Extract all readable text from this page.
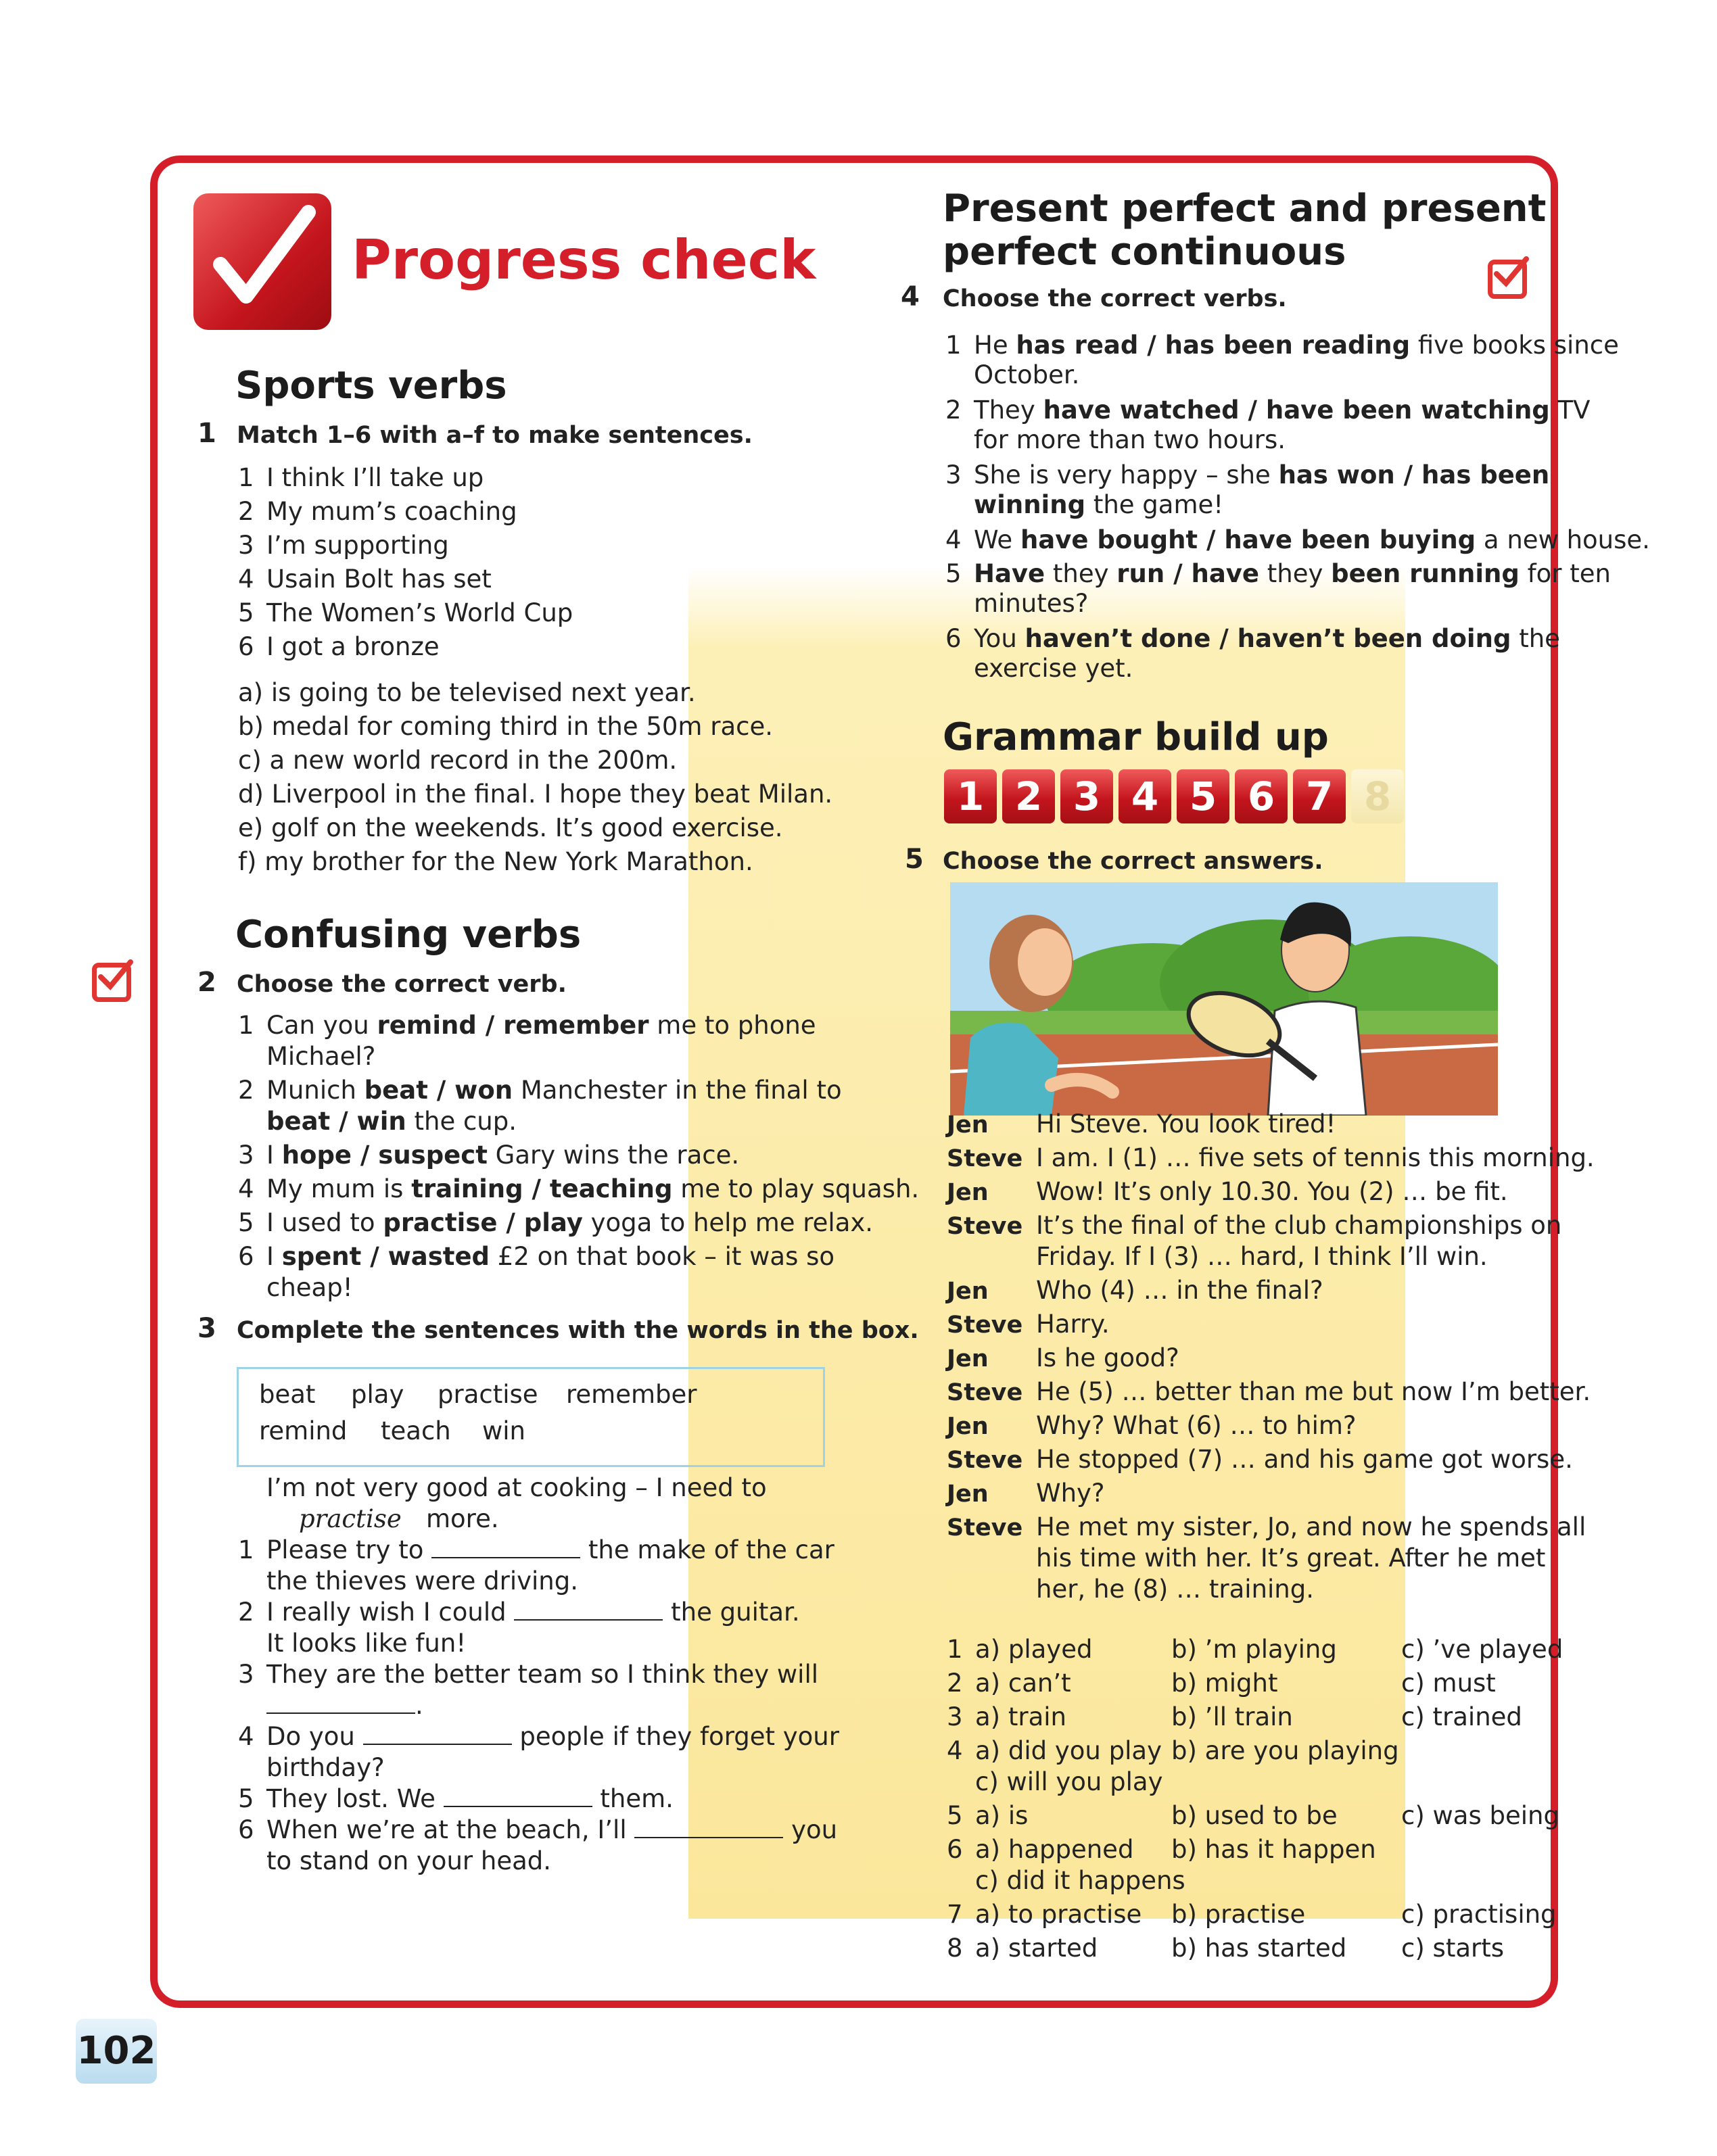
Progress check
Sports verbs
1 Match 1–6 with a–f to make sentences.
1 I think I’ll take up
2 My mum’s coaching
3 I’m supporting
4 Usain Bolt has set
5 The Women’s World Cup
6 I got a bronze
a) is going to be televised next year.
b) medal for coming third in the 50m race.
c) a new world record in the 200m.
d) Liverpool in the final. I hope they beat Milan.
e) golf on the weekends. It’s good exercise.
f) my brother for the New York Marathon.
Confusing verbs
2 Choose the correct verb.
1 Can you remind / remember me to phone
Michael?
2 Munich beat / won Manchester in the final to
beat / win the cup.
3 I hope / suspect Gary wins the race.
4 My mum is training / teaching me to play squash.
5 I used to practise / play yoga to help me relax.
6 I spent / wasted £2 on that book – it was so
cheap!
3 Complete the sentences with the words in the box.
beat play practise remember
remind teach win
I’m not very good at cooking – I need to
practise more.
1 Please try to	the make of the car
the thieves were driving.
2 I really wish I could	the guitar.
It looks like fun!
3 They are the better team so I think they will
.
4 Do you	people if they forget your
birthday?
5 They lost. We	them.
6 When we’re at the beach, I’ll	you
to stand on your head.
Present perfect and present
perfect continuous
4 Choose the correct verbs.
1 He has read / has been reading five books since
October.
2 They have watched / have been watching TV
for more than two hours.
3 She is very happy – she has won / has been
winning the game!
4 We have bought / have been buying a new house.
5 Have they run / have they been running for ten
minutes?
6 You haven’t done / haven’t been doing the
exercise yet.
Grammar build up
1 2 3 4 5 6 7 8
5 Choose the correct answers.
Jen Hi Steve. You look tired!
Steve I am. I (1) … five sets of tennis this morning.
Jen Wow! It’s only 10.30. You (2) … be fit.
Steve It’s the final of the club championships on
Friday. If I (3) … hard, I think I’ll win.
Jen Who (4) … in the final?
Steve Harry.
Jen Is he good?
Steve He (5) … better than me but now I’m better.
Jen Why? What (6) … to him?
Steve He stopped (7) … and his game got worse.
Jen Why?
Steve He met my sister, Jo, and now he spends all
his time with her. It’s great. After he met
her, he (8) … training.
1 a) played	b) ’m playing	c) ’ve played
2 a) can’t	b) might	c) must
3 a) train	b) ’ll train	c) trained
4 a) did you play b) are you playing
c) will you play
5 a) is	b) used to be	c) was being
6 a) happened b) has it happen
c) did it happens
7 a) to practise b) practise	c) practising
8 a) started	b) has started c) starts
102
